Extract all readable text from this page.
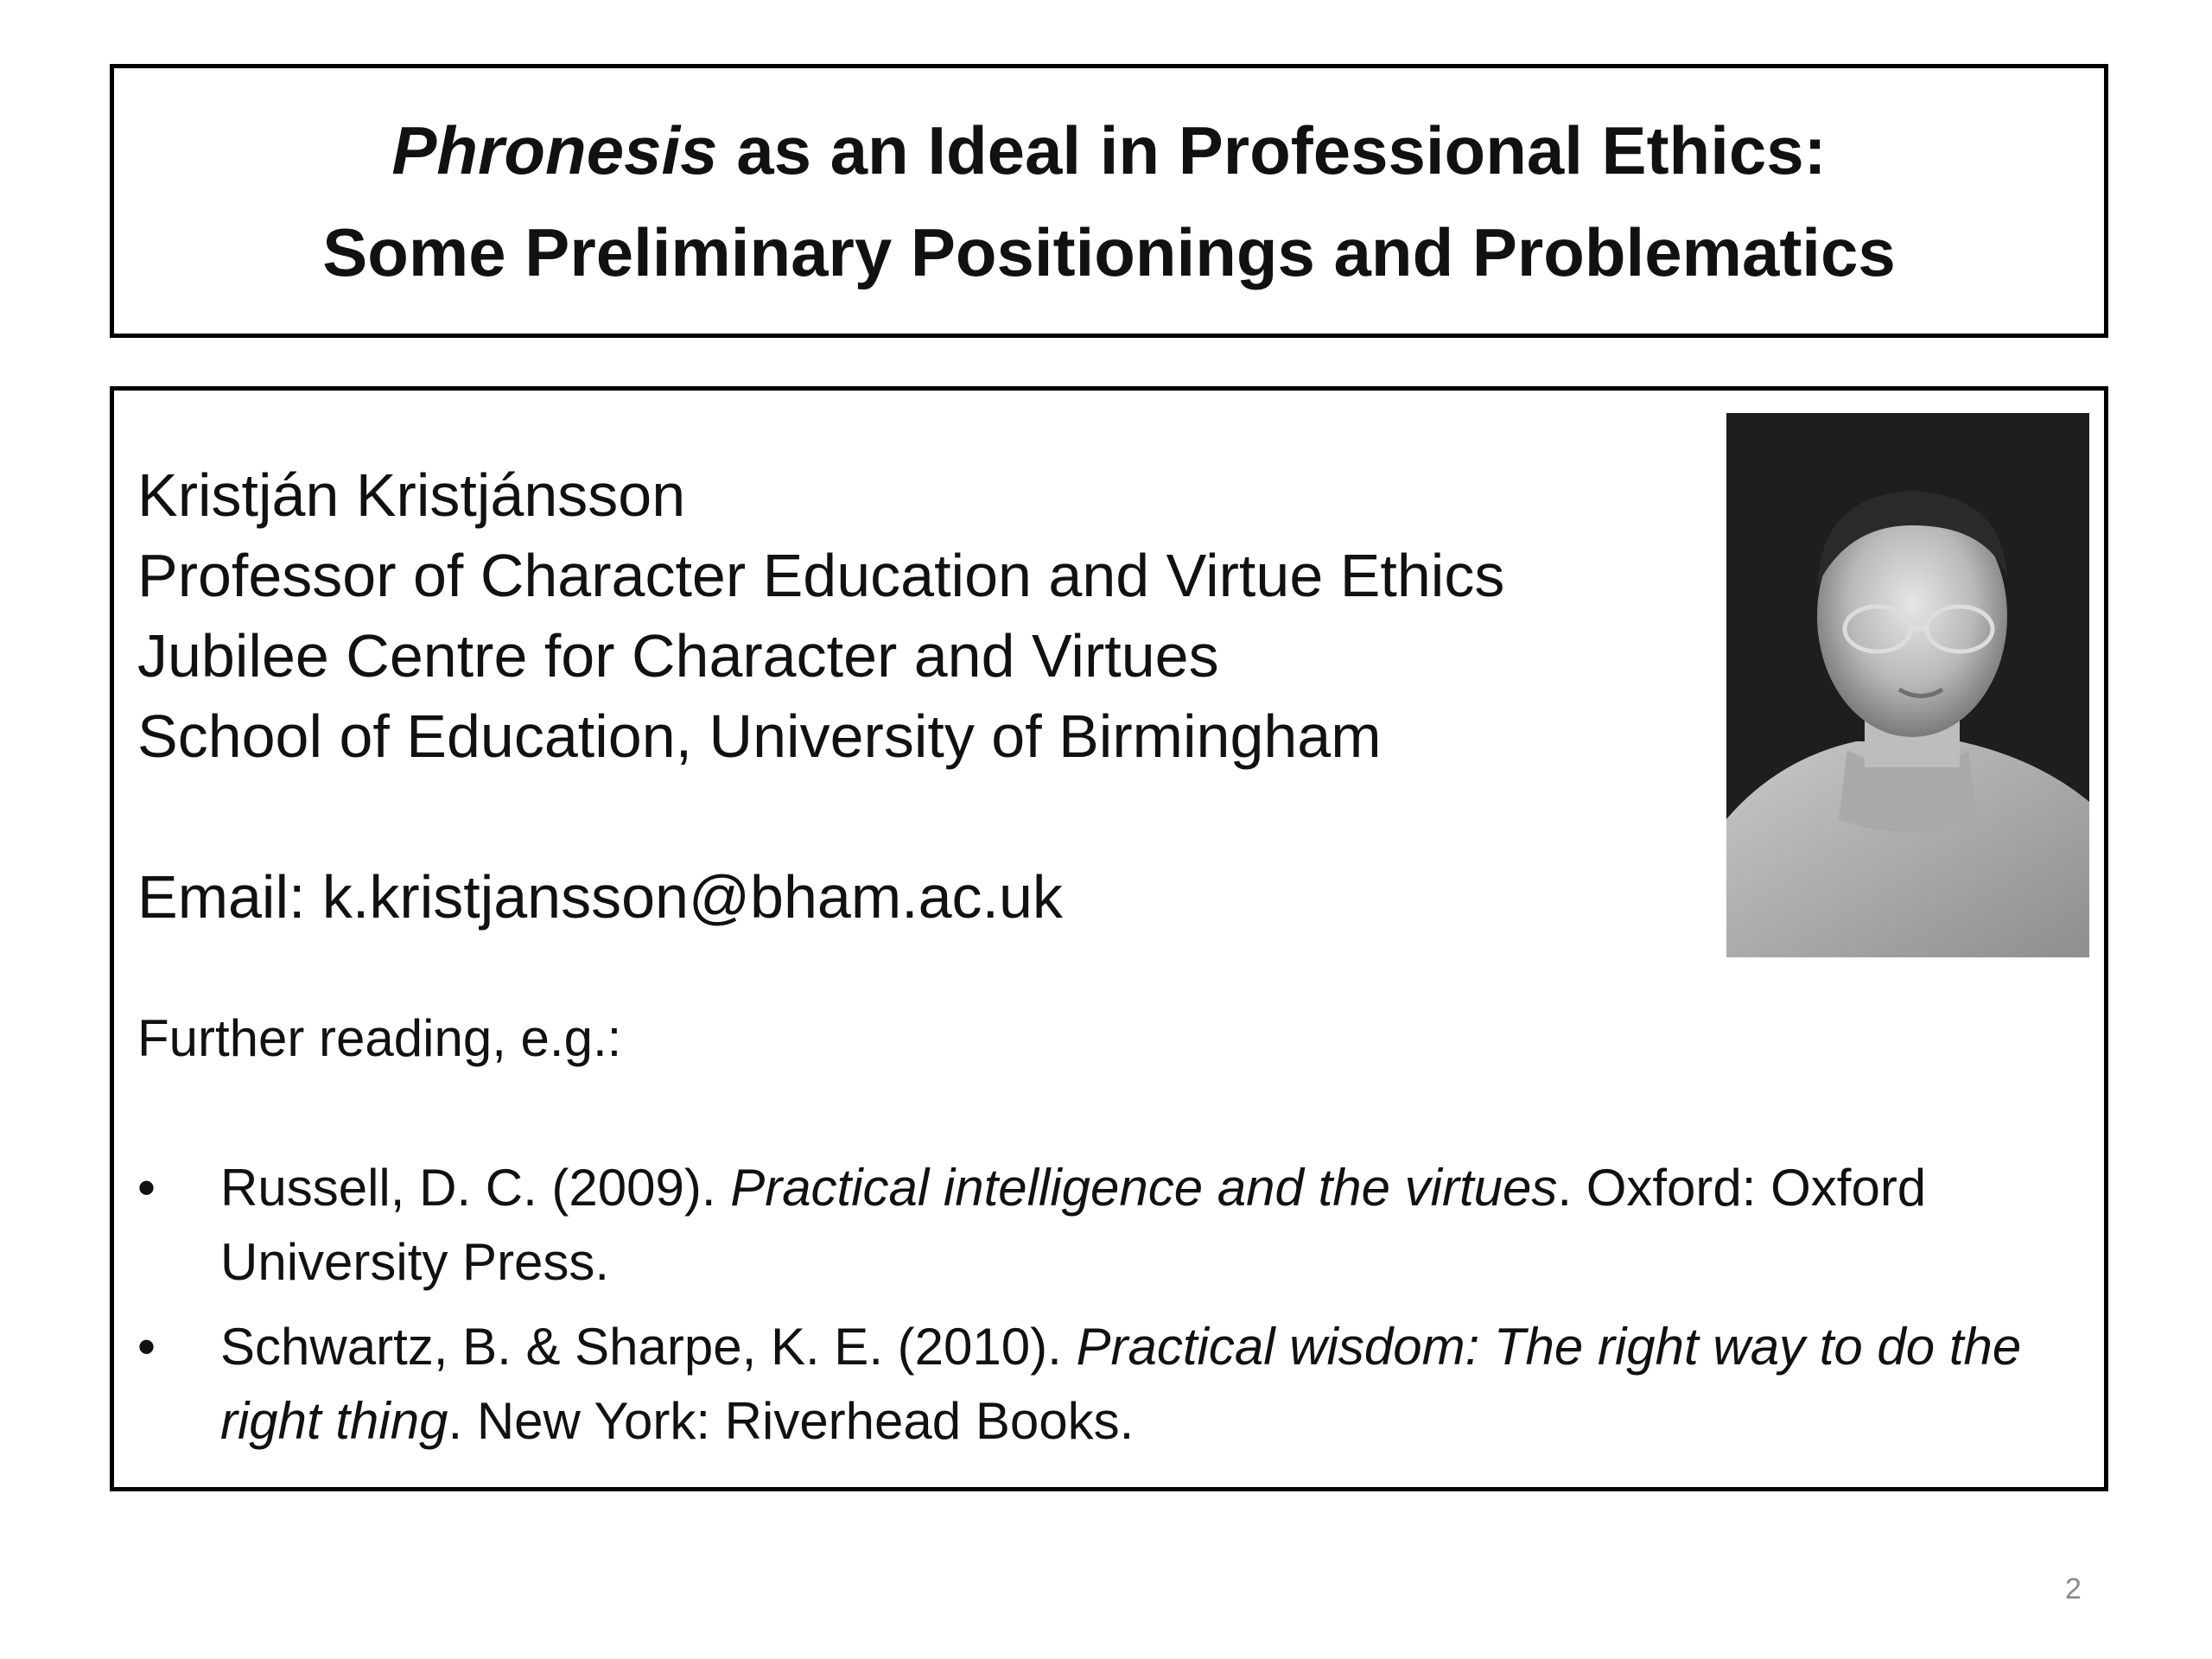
Phronesis as an Ideal in Professional Ethics:
Some Preliminary Positionings and Problematics
Kristján Kristjánsson
Professor of Character Education and Virtue Ethics
Jubilee Centre for Character and Virtues
School of Education, University of Birmingham
Email: k.kristjansson@bham.ac.uk
Further reading, e.g.:
•	Russell, D. C. (2009). Practical intelligence and the virtues. Oxford: Oxford University Press.
•	Schwartz, B. & Sharpe, K. E. (2010). Practical wisdom: The right way to do the right thing. New York: Riverhead Books.
2
